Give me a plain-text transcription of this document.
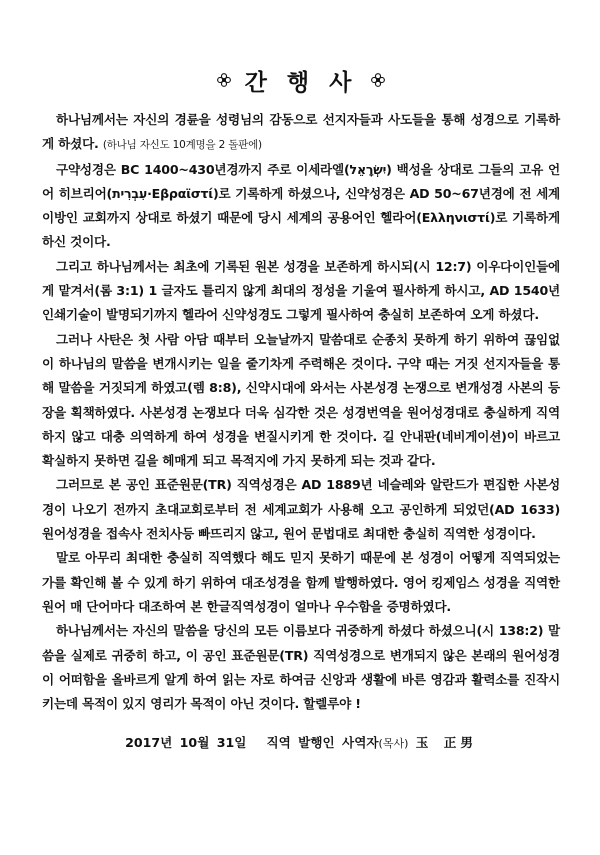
간 행 사

하나님께서는 자신의 경륜을 성령님의 감동으로 선지자들과 사도들을 통해 성경으로 기록하게 하셨다. (하나님 자신도 10계명을 2 돌판에)

구약성경은 BC 1400~430년경까지 주로 이세라엘(יִשְׂרָאֵל) 백성을 상대로 그들의 고유 언어 히브리어(עִבְרִית·Εβραϊστί)로 기록하게 하셨으나, 신약성경은 AD 50~67년경에 전 세계 이방인 교회까지 상대로 하셨기 때문에 당시 세계의 공용어인 헬라어(Ελληνιστί)로 기록하게 하신 것이다.

그리고 하나님께서는 최초에 기록된 원본 성경을 보존하게 하시되(시 12:7) 이우다이인들에게 맡겨서(롬 3:1) 1 글자도 틀리지 않게 최대의 정성을 기울여 필사하게 하시고, AD 1540년 인쇄기술이 발명되기까지 헬라어 신약성경도 그렇게 필사하여 충실히 보존하여 오게 하셨다.

그러나 사탄은 첫 사람 아담 때부터 오늘날까지 말씀대로 순종치 못하게 하기 위하여 끊임없이 하나님의 말씀을 변개시키는 일을 줄기차게 주력해온 것이다. 구약 때는 거짓 선지자들을 통해 말씀을 거짓되게 하였고(렘 8:8), 신약시대에 와서는 사본성경 논쟁으로 변개성경 사본의 등장을 획책하였다. 사본성경 논쟁보다 더욱 심각한 것은 성경번역을 원어성경대로 충실하게 직역하지 않고 대충 의역하게 하여 성경을 변질시키게 한 것이다. 길 안내판(네비게이션)이 바르고 확실하지 못하면 길을 헤매게 되고 목적지에 가지 못하게 되는 것과 같다.

그러므로 본 공인 표준원문(TR) 직역성경은 AD 1889년 네슬레와 알란드가 편집한 사본성경이 나오기 전까지 초대교회로부터 전 세계교회가 사용해 오고 공인하게 되었던(AD 1633) 원어성경을 접속사 전치사등 빠뜨리지 않고, 원어 문법대로 최대한 충실히 직역한 성경이다.

말로 아무리 최대한 충실히 직역했다 해도 믿지 못하기 때문에 본 성경이 어떻게 직역되었는가를 확인해 볼 수 있게 하기 위하여 대조성경을 함께 발행하였다. 영어 킹제임스 성경을 직역한 원어 매 단어마다 대조하여 본 한글직역성경이 얼마나 우수함을 증명하였다.

하나님께서는 자신의 말씀을 당신의 모든 이름보다 귀중하게 하셨다 하셨으니(시 138:2) 말씀을 실제로 귀중히 하고, 이 공인 표준원문(TR) 직역성경으로 변개되지 않은 본래의 원어성경이 어떠함을 올바르게 알게 하여 읽는 자로 하여금 신앙과 생활에 바른 영감과 활력소를 진작시키는데 목적이 있지 영리가 목적이 아닌 것이다. 할렐루야 !

2017년 10월 31일 직역 발행인 사역자(목사) 玉 正男
